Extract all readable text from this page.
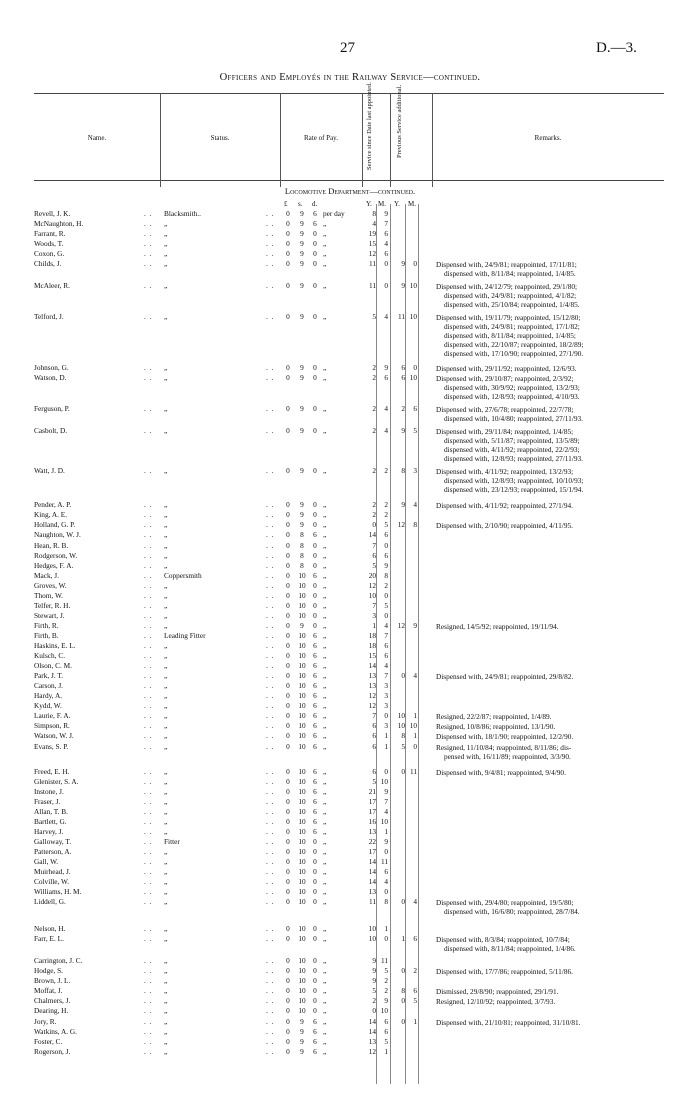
27	D.—3.
Officers and Employés in the Railway Service—continued.
Name.	Status.	Rate of Pay.	Service since Date last appointed.	Previous Service additional.	Remarks.
Locomotive Department—continued.
£ s. d.	Y. M. Y. M.
Revell, J. K.	. . Blacksmith..	. .	0	9	6 per day	8	9
McNaughton, H.	. . „	. .	0	9	6 „	4	7
Farrant, R.	. . „	. .	0	9	0 „	19	6
Woods, T.	. . „	. .	0	9	0 „	15	4
Coxon, G.	. . „	. .	0	9	0 „	12	6
Childs, J.	. . „	. .	0	9	0 „	11	0	9	0	Dispensed with, 24/9/81; reappointed, 17/11/81;
dispensed with, 8/11/84; reappointed, 1/4/85.
McAleer, R.	. . „	. .	0	9	0 „	11	0	9 10	Dispensed with, 24/12/79; reappointed, 29/1/80;
dispensed with, 24/9/81; reappointed, 4/1/82;
dispensed with, 25/10/84; reappointed, 1/4/85.
Telford, J.	. . „	. .	0	9	0 „	5	4	11 10	Dispensed with, 19/11/79; reappointed, 15/12/80;
dispensed with, 24/9/81; reappointed, 17/1/82;
dispensed with, 8/11/84; reappointed, 1/4/85;
dispensed with, 22/10/87; reappointed, 18/2/89;
dispensed with, 17/10/90; reappointed, 27/1/90.
Johnson, G.	. . „	. .	0	9	0 „	2	9	6	0	Dispensed with, 29/11/92; reappointed, 12/6/93.
Watson, D.	. . „	. .	0	9	0 „	2	6	6 10	Dispensed with, 29/10/87; reappointed, 2/3/92;
dispensed with, 30/9/92; reappointed, 13/2/93;
dispensed with, 12/8/93; reappointed, 4/10/93.
Ferguson, P.	. . „	. .	0	9	0 „	2	4	2	6	Dispensed with, 27/6/78; reappointed, 22/7/78;
dispensed with, 10/4/80; reappointed, 27/11/93.
Casbolt, D.	. . „	. .	0	9	0 „	2	4	9	5	Dispensed with, 29/11/84; reappointed, 1/4/85;
dispensed with, 5/11/87; reappointed, 13/5/89;
dispensed with, 4/11/92; reappointed, 22/2/93;
dispensed with, 12/8/93; reappointed, 27/11/93.
Watt, J. D.	. . „	. .	0	9	0 „	2	2	8	3	Dispensed with, 4/11/92; reappointed, 13/2/93;
dispensed with, 12/8/93; reappointed, 10/10/93;
dispensed with, 23/12/93; reappointed, 15/1/94.
Pender, A. P.	. . „	. .	0	9	0 „	2	2	9	4	Dispensed with, 4/11/92; reappointed, 27/1/94.
King, A. E.	. . „	. .	0	9	0 „	2	2
Holland, G. P.	. . „	. .	0	9	0 „	0	5	12	8	Dispensed with, 2/10/90; reappointed, 4/11/95.
Naughton, W. J.	. . „	. .	0	8	6 „	14	6
Hean, R. B.	. . „	. .	0	8	0 „	7	0
Rodgerson, W.	. . „	. .	0	8	0 „	6	6
Hedges, F. A.	. . „	. .	0	8	0 „	5	9
Mack, J.	. . Coppersmith	. .	0	10	6 „	20	8
Groves, W.	. . „	. .	0	10	0 „	12	2
Thom, W.	. . „	. .	0	10	0 „	10	0
Telfer, R. H.	. . „	. .	0	10	0 „	7	5
Stewart, J.	. . „	. .	0	10	0 „	3	0
Firth, R.	. . „	. .	0	9	0 „	1	4	12	9	Resigned, 14/5/92; reappointed, 19/11/94.
Firth, B.	. . Leading Fitter	. .	0	10	6 „	18	7
Haskins, E. L.	. . „	. .	0	10	6 „	18	6
Kulsch, C.	. . „	. .	0	10	6 „	15	6
Olson, C. M.	. . „	. .	0	10	6 „	14	4
Park, J. T.	. . „	. .	0	10	6 „	13	7	0	4	Dispensed with, 24/9/81; reappointed, 29/8/82.
Carson, J.	. . „	. .	0	10	6 „	13	3
Hardy, A.	. . „	. .	0	10	6 „	12	3
Kydd, W.	. . „	. .	0	10	6 „	12	3
Laurie, F. A.	. . „	. .	0	10	6 „	7	0	10	1	Resigned, 22/2/87; reappointed, 1/4/89.
Simpson, R.	. . „	. .	0	10	6 „	6	3	10 10	Resigned, 10/8/86; reappointed, 13/1/90.
Watson, W. J.	. . „	. .	0	10	6 „	6	1	8	1	Dispensed with, 18/1/90; reappointed, 12/2/90.
Evans, S. P.	. . „	. .	0	10	6 „	6	1	5	0	Resigned, 11/10/84; reappointed, 8/11/86; dis-
pensed with, 16/11/89; reappointed, 3/3/90.
Freed, E. H.	. . „	. .	0	10	6 „	6	0	0 11	Dispensed with, 9/4/81; reappointed, 9/4/90.
Glenister, S. A.	. . „	. .	0	10	6 „	5 10
Instone, J.	. . „	. .	0	10	6 „	21	9
Fraser, J.	. . „	. .	0	10	6 „	17	7
Allan, T. B.	. . „	. .	0	10	6 „	17	4
Bartlett, G.	. . „	. .	0	10	6 „	16 10
Harvey, J.	. . „	. .	0	10	6 „	13	1
Galloway, T.	. . Fitter	. .	0	10	0 „	22	9
Patterson, A.	. . „	. .	0	10	0 „	17	0
Gall, W.	. . „	. .	0	10	0 „	14 11
Muirhead, J.	. . „	. .	0	10	0 „	14	6
Colville, W.	. . „	. .	0	10	0 „	14	4
Williams, H. M.	. . „	. .	0	10	0 „	13	0
Liddell, G.	. . „	. .	0	10	0 „	11	8	0	4	Dispensed with, 29/4/80; reappointed, 19/5/80;
dispensed with, 16/6/80; reappointed, 28/7/84.
Nelson, H.	. . „	. .	0	10	0 „	10	1
Farr, E. L.	. . „	. .	0	10	0 „	10	0	1	6	Dispensed with, 8/3/84; reappointed, 10/7/84;
dispensed with, 8/11/84; reappointed, 1/4/86.
Carrington, J. C.	. . „	. .	0	10	0 „	9 11
Hodge, S.	. . „	. .	0	10	0 „	9	5	0	2	Dispensed with, 17/7/86; reappointed, 5/11/86.
Brown, J. L.	. . „	. .	0	10	0 „	9	2
Moffat, J.	. . „	. .	0	10	0 „	5	2	8	6	Dismissed, 29/8/90; reappointed, 29/1/91.
Chalmers, J.	. . „	. .	0	10	0 „	2	9	0	5	Resigned, 12/10/92; reappointed, 3/7/93.
Dearing, H.	. . „	. .	0	10	0 „	0 10
Jory, R.	. . „	. .	0	9	6 „	14	6	0	1	Dispensed with, 21/10/81; reappointed, 31/10/81.
Watkins, A. G.	. . „	. .	0	9	6 „	14	6
Foster, C.	. . „	. .	0	9	6 „	13	5
Rogerson, J.	. . „	. .	0	9	6 „	12	1
